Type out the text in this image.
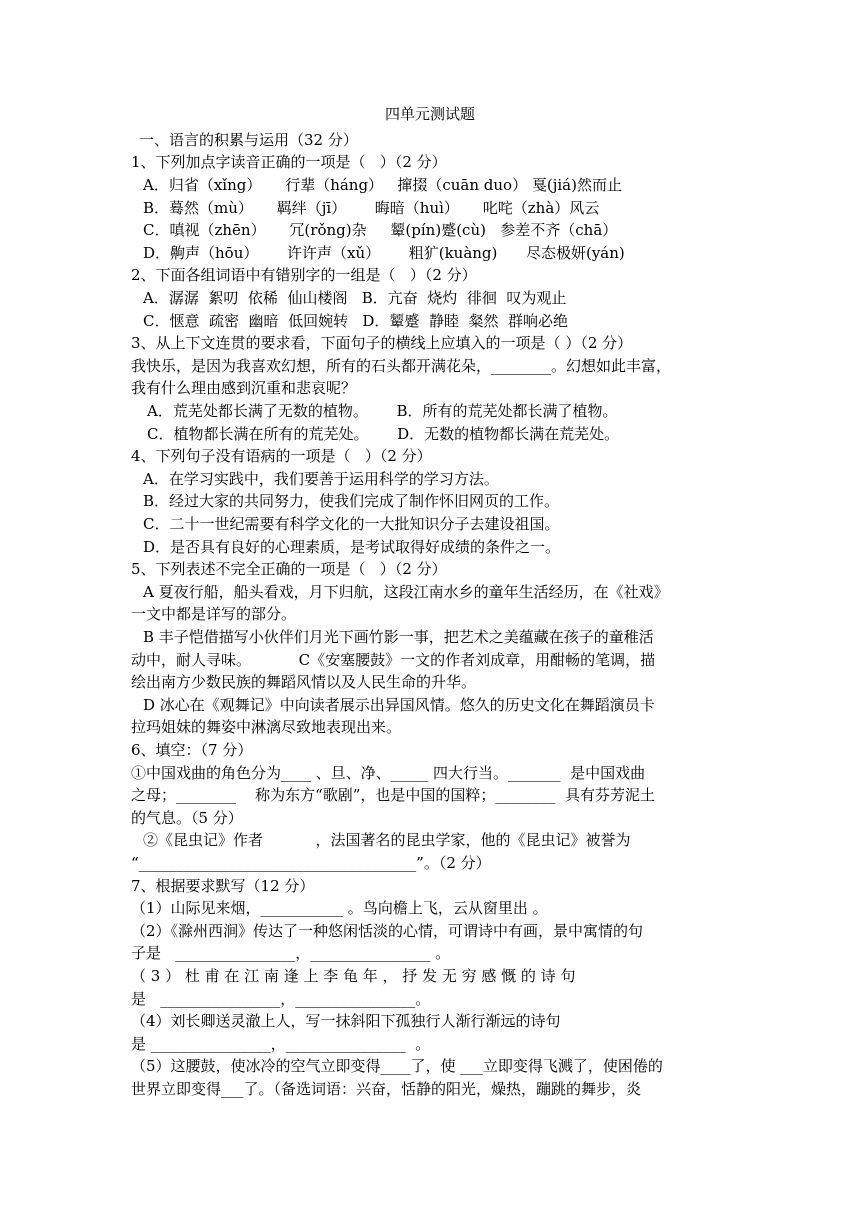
四单元测试题
一、语言的积累与运用（32 分）
1、下列加点字读音正确的一项是（   ）（2 分）
A．归省（xǐng）     行辈（háng）   撺掇（cuān duo） 戛(jiá)然而止
B．蓦然（mù）     羁绊（jī）      晦暗（huì）     叱咤（zhà）风云
C．嗔视（zhēn）     冗(rǒng)杂     颦(pín)蹙(cù)   参差不齐（chā）
D．齁声（hōu）      许许声（xǔ）      粗犷(kuàng)      尽态极妍(yán)
2、下面各组词语中有错别字的一组是（   ）（2 分）
A．潺潺  絮叨  依稀  仙山楼阁   B．亢奋  烧灼  徘徊  叹为观止
C．惬意  疏密  幽暗  低回婉转   D．颦蹙  静睦  粲然  群响必绝
3、从上下文连贯的要求看，下面句子的横线上应填入的一项是（ ）（2 分）
我快乐，是因为我喜欢幻想，所有的石头都开满花朵，________。幻想如此丰富，
我有什么理由感到沉重和悲哀呢？
A．荒芜处都长满了无数的植物。      B．所有的荒芜处都长满了植物。
C．植物都长满在所有的荒芜处。      D．无数的植物都长满在荒芜处。
4、下列句子没有语病的一项是（   ）（2 分）
A．在学习实践中，我们要善于运用科学的学习方法。
B．经过大家的共同努力，使我们完成了制作怀旧网页的工作。
C．二十一世纪需要有科学文化的一大批知识分子去建设祖国。
D．是否具有良好的心理素质，是考试取得好成绩的条件之一。
5、下列表述不完全正确的一项是（   ）（2 分）
A 夏夜行船，船头看戏，月下归航，这段江南水乡的童年生活经历，在《社戏》
一文中都是详写的部分。
B 丰子恺借描写小伙伴们月光下画竹影一事，把艺术之美蕴藏在孩子的童稚活
动中，耐人寻味。          C《安塞腰鼓》一文的作者刘成章，用酣畅的笔调，描
绘出南方少数民族的舞蹈风情以及人民生命的升华。
D 冰心在《观舞记》中向读者展示出异国风情。悠久的历史文化在舞蹈演员卡
拉玛姐妹的舞姿中淋漓尽致地表现出来。
6、填空：（7 分）
①中国戏曲的角色分为____ 、旦、净、_____ 四大行当。_______  是中国戏曲
之母；________    称为东方“歌剧”，也是中国的国粹；________  具有芬芳泥土
的气息。（5 分）
②《昆虫记》作者           ，法国著名的昆虫学家，他的《昆虫记》被誉为
“_____________________________________”。（2 分）
7、根据要求默写（12 分）
（1）山际见来烟，___________ 。鸟向檐上飞，云从窗里出 。
（2）《滁州西涧》传达了一种悠闲恬淡的心情，可谓诗中有画，景中寓情的句
子是   ________________，________________ 。
（ 3 ） 杜 甫 在 江 南 逢 上 李 龟 年 ， 抒 发 无 穷 感 慨 的 诗 句
是   ________________，________________。
（4）刘长卿送灵澈上人，写一抹斜阳下孤独行人渐行渐远的诗句
是 ________________，________________  。
（5）这腰鼓，使冰冷的空气立即变得____了，使 ___立即变得飞溅了，使困倦的
世界立即变得___了。（备选词语：兴奋，恬静的阳光，燥热，蹦跳的舞步，炎
